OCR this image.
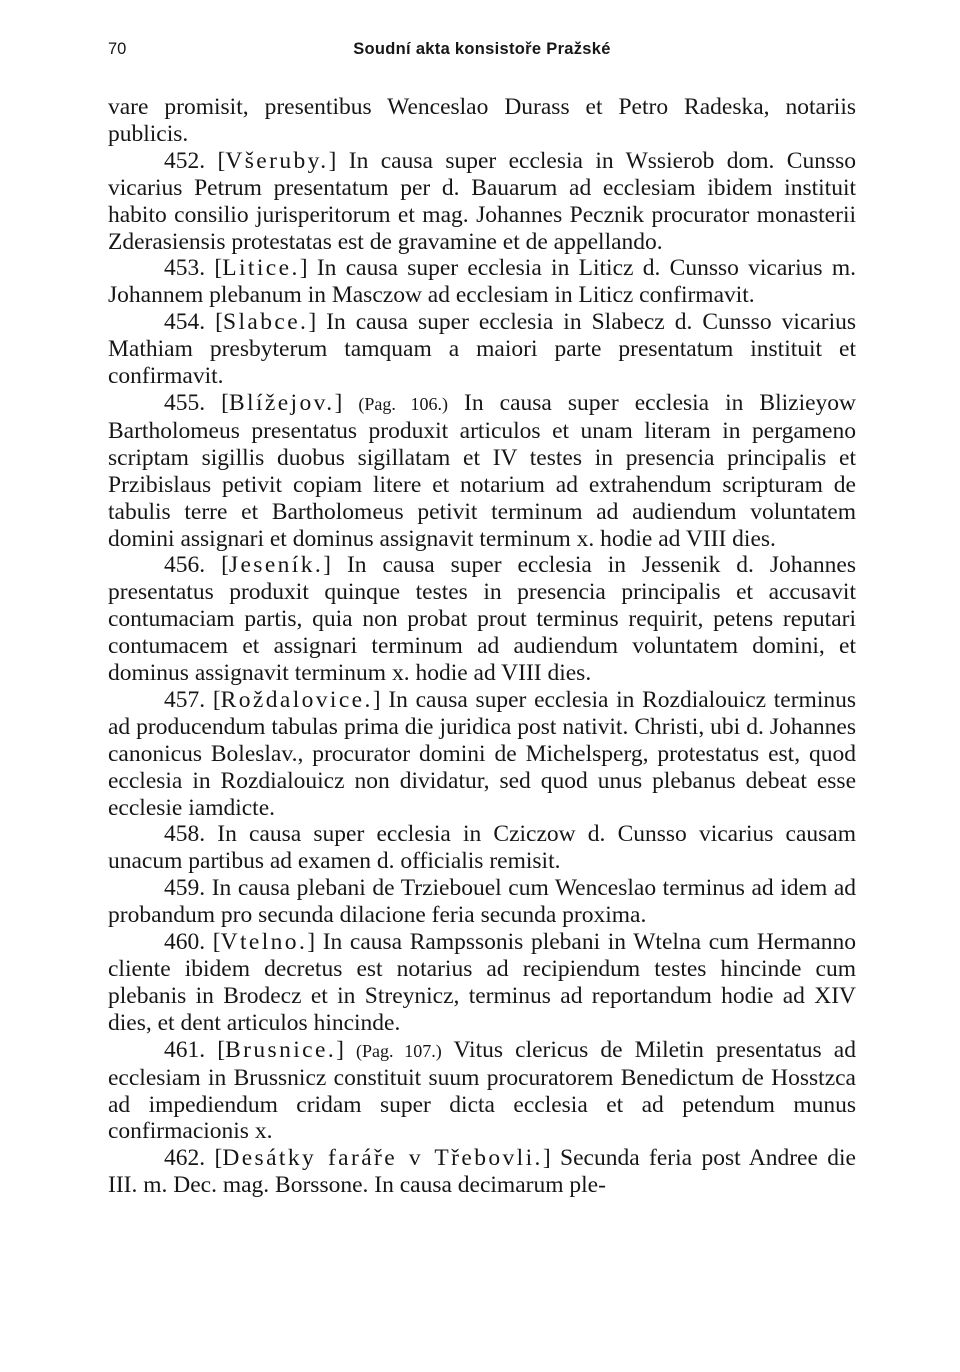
70	Soudní akta konsistoře Pražské

vare promisit, presentibus Wenceslao Durass et Petro Radeska, notariis publicis.

452. [Všeruby.] In causa super ecclesia in Wssierob dom. Cunsso vicarius Petrum presentatum per d. Bauarum ad ecclesiam ibidem instituit habito consilio jurisperitorum et mag. Johannes Pecznik procurator monasterii Zderasiensis protestatas est de gravamine et de appellando.

453. [Litice.] In causa super ecclesia in Liticz d. Cunsso vicarius m. Johannem plebanum in Masczow ad ecclesiam in Liticz confirmavit.

454. [Slabce.] In causa super ecclesia in Slabecz d. Cunsso vicarius Mathiam presbyterum tamquam a maiori parte presentatum instituit et confirmavit.

455. [Blížejov.] (Pag. 106.) In causa super ecclesia in Blizieyow Bartholomeus presentatus produxit articulos et unam literam in pergameno scriptam sigillis duobus sigillatam et IV testes in presencia principalis et Przibislaus petivit copiam litere et notarium ad extrahendum scripturam de tabulis terre et Bartholomeus petivit terminum ad audiendum voluntatem domini assignari et dominus assignavit terminum x. hodie ad VIII dies.

456. [Jeseník.] In causa super ecclesia in Jessenik d. Johannes presentatus produxit quinque testes in presencia principalis et accusavit contumaciam partis, quia non probat prout terminus requirit, petens reputari contumacem et assignari terminum ad audiendum voluntatem domini, et dominus assignavit terminum x. hodie ad VIII dies.

457. [Roždalovice.] In causa super ecclesia in Rozdialouicz terminus ad producendum tabulas prima die juridica post nativit. Christi, ubi d. Johannes canonicus Boleslav., procurator domini de Michelsperg, protestatus est, quod ecclesia in Rozdialouicz non dividatur, sed quod unus plebanus debeat esse ecclesie iamdicte.

458. In causa super ecclesia in Cziczow d. Cunsso vicarius causam unacum partibus ad examen d. officialis remisit.

459. In causa plebani de Trziebouel cum Wenceslao terminus ad idem ad probandum pro secunda dilacione feria secunda proxima.

460. [Vtelno.] In causa Rampssonis plebani in Wtelna cum Hermanno cliente ibidem decretus est notarius ad recipiendum testes hincinde cum plebanis in Brodecz et in Streynicz, terminus ad reportandum hodie ad XIV dies, et dent articulos hincinde.

461. [Brusnice.] (Pag. 107.) Vitus clericus de Miletin presentatus ad ecclesiam in Brussnicz constituit suum procuratorem Benedictum de Hosstzca ad impediendum cridam super dicta ecclesia et ad petendum munus confirmacionis x.

462. [Desátky faráře v Třebovli.] Secunda feria post Andree die III. m. Dec. mag. Borssone. In causa decimarum ple-
